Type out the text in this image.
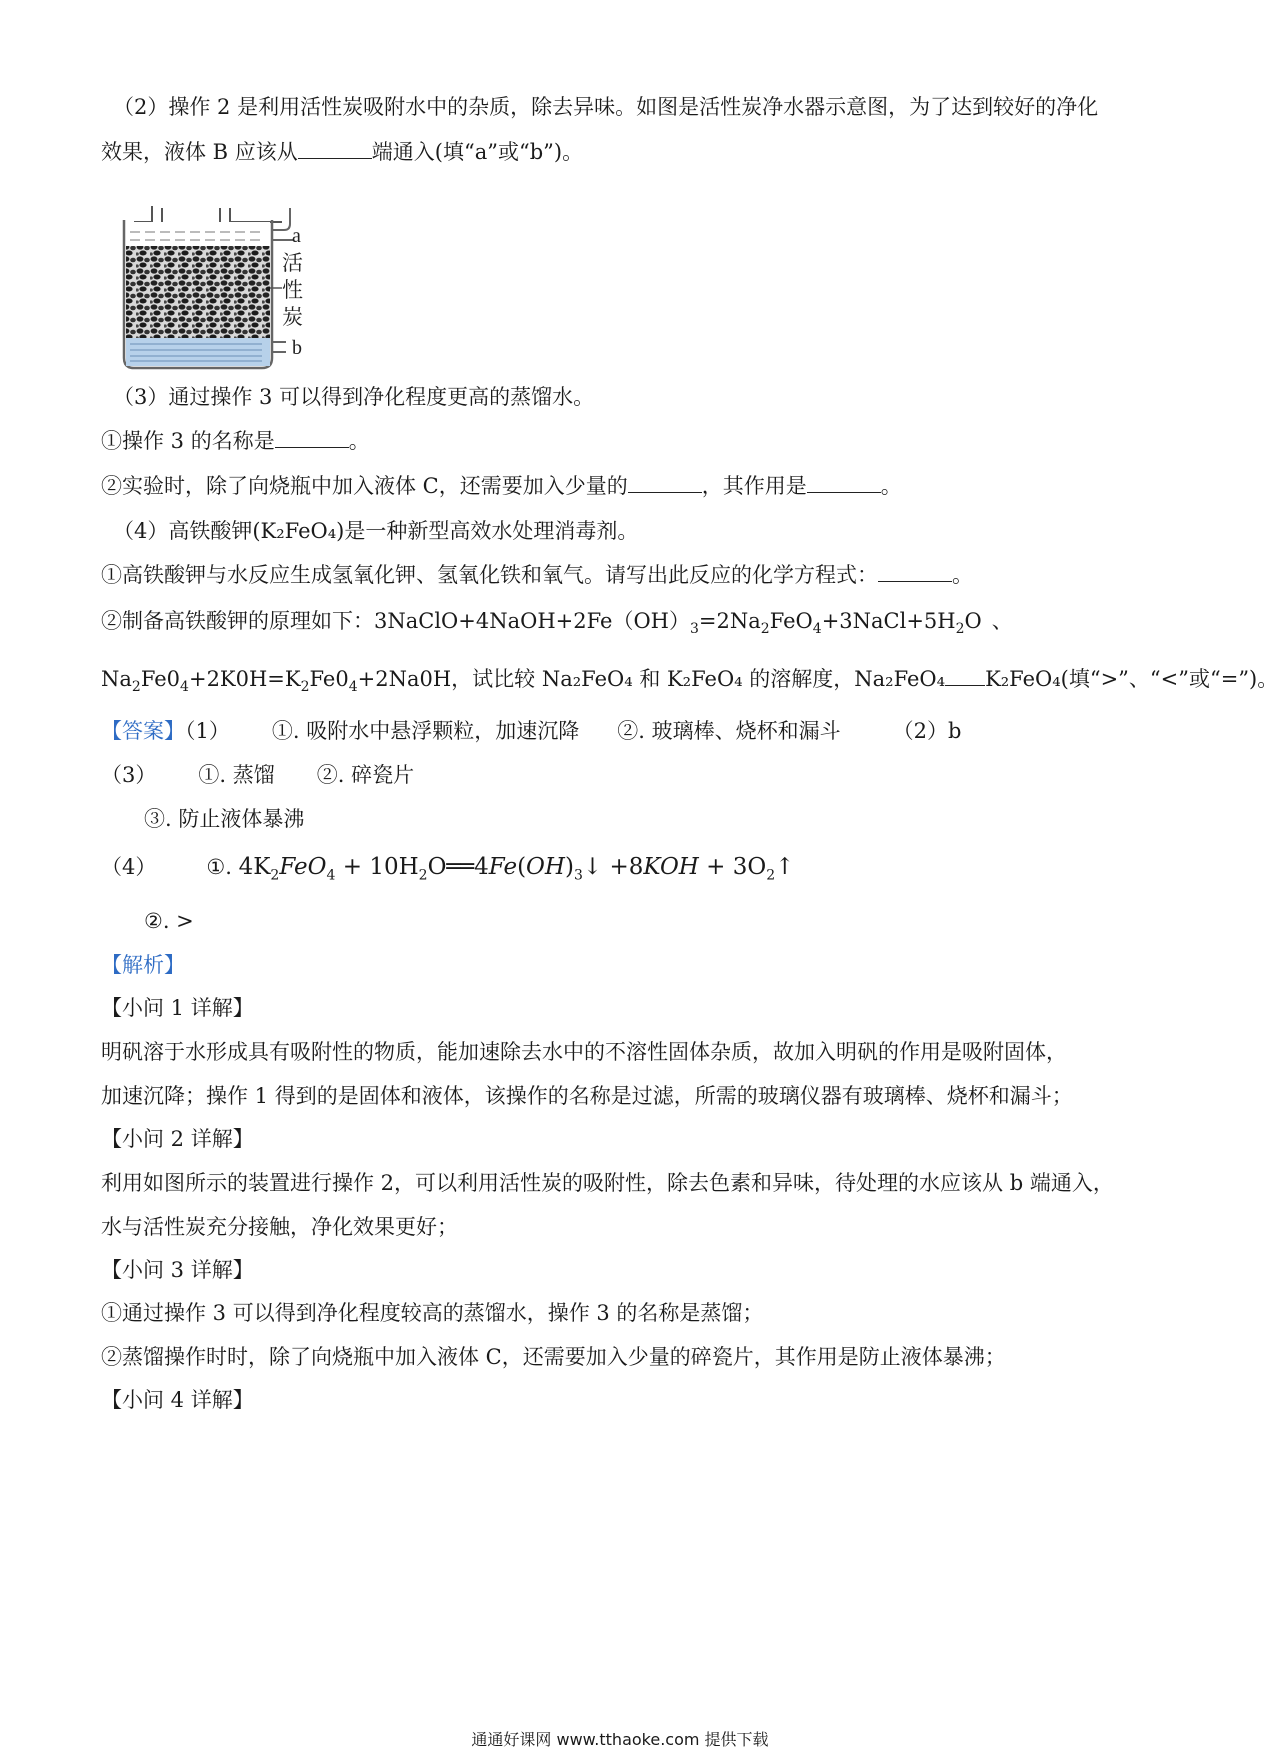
（2）操作 2 是利用活性炭吸附水中的杂质，除去异味。如图是活性炭净水器示意图，为了达到较好的净化
效果，液体 B 应该从	端通入(填“a”或“b”)。
a
活
性
炭
b
（3）通过操作 3 可以得到净化程度更高的蒸馏水。
①操作 3 的名称是	。
②实验时，除了向烧瓶中加入液体 C，还需要加入少量的	，其作用是	。
（4）高铁酸钾(K₂FeO₄)是一种新型高效水处理消毒剂。
①高铁酸钾与水反应生成氢氧化钾、氢氧化铁和氧气。请写出此反应的化学方程式：	。
②制备高铁酸钾的原理如下：$3NaClO+4NaOH+2Fe(OH)_3=2Na_2FeO_4+3NaCl+5H_2O$ 、
$Na_2Fe0_4+2K0H=K_2Fe0_4+2Na0H$，试比较 Na₂FeO₄ 和 K₂FeO₄ 的溶解度，Na₂FeO₄ K₂FeO₄(填“>”、“<”或“=”)。
【答案】（1） ①. 吸附水中悬浮颗粒，加速沉降 ②. 玻璃棒、烧杯和漏斗 （2）b
（3） ①. 蒸馏 ②. 碎瓷片
③. 防止液体暴沸
（4） ①. $4K_2FeO_4$ + $10H_2O══4Fe(OH)_3↓ +8KOH$ + $3O_2↑$
②. >
【解析】
【小问 1 详解】
明矾溶于水形成具有吸附性的物质，能加速除去水中的不溶性固体杂质，故加入明矾的作用是吸附固体，
加速沉降；操作 1 得到的是固体和液体，该操作的名称是过滤，所需的玻璃仪器有玻璃棒、烧杯和漏斗；
【小问 2 详解】
利用如图所示的装置进行操作 2，可以利用活性炭的吸附性，除去色素和异味，待处理的水应该从 b 端通入，
水与活性炭充分接触，净化效果更好；
【小问 3 详解】
①通过操作 3 可以得到净化程度较高的蒸馏水，操作 3 的名称是蒸馏；
②蒸馏操作时时，除了向烧瓶中加入液体 C，还需要加入少量的碎瓷片，其作用是防止液体暴沸；
【小问 4 详解】
通通好课网 www.tthaoke.com 提供下载
